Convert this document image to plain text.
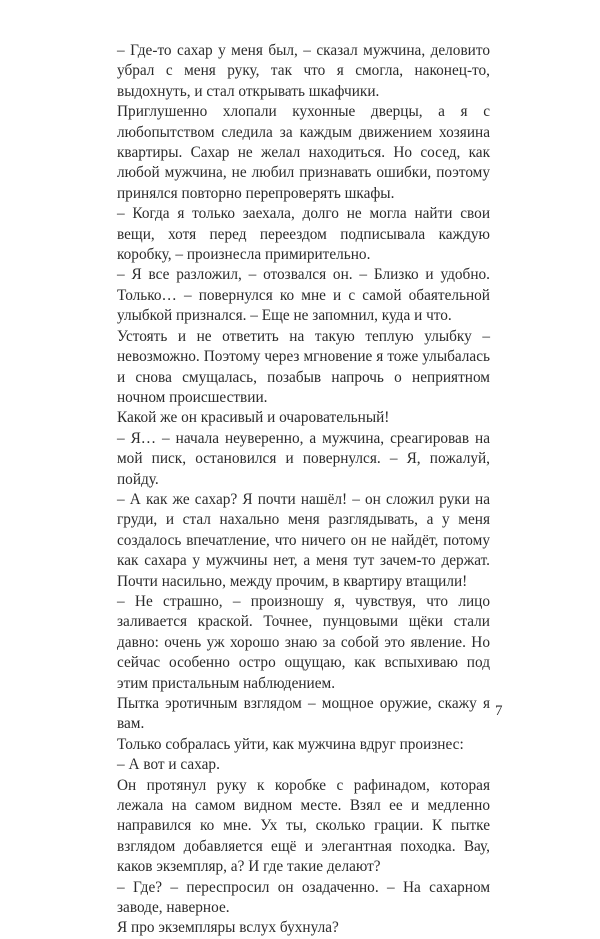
– Где-то сахар у меня был, – сказал мужчина, деловито убрал с меня руку, так что я смогла, наконец-то, выдохнуть, и стал открывать шкафчики.

Приглушенно хлопали кухонные дверцы, а я с любопытством следила за каждым движением хозяина квартиры. Сахар не желал находиться. Но сосед, как любой мужчина, не любил признавать ошибки, поэтому принялся повторно перепроверять шкафы.

– Когда я только заехала, долго не могла найти свои вещи, хотя перед переездом подписывала каждую коробку, – произнесла примирительно.

– Я все разложил, – отозвался он. – Близко и удобно. Только… – повернулся ко мне и с самой обаятельной улыбкой признался. – Еще не запомнил, куда и что.

Устоять и не ответить на такую теплую улыбку – невозможно. Поэтому через мгновение я тоже улыбалась и снова смущалась, позабыв напрочь о неприятном ночном происшествии.

Какой же он красивый и очаровательный!

– Я… – начала неуверенно, а мужчина, среагировав на мой писк, остановился и повернулся. – Я, пожалуй, пойду.

– А как же сахар? Я почти нашёл! – он сложил руки на груди, и стал нахально меня разглядывать, а у меня создалось впечатление, что ничего он не найдёт, потому как сахара у мужчины нет, а меня тут зачем-то держат. Почти насильно, между прочим, в квартиру втащили!

– Не страшно, – произношу я, чувствуя, что лицо заливается краской. Точнее, пунцовыми щёки стали давно: очень уж хорошо знаю за собой это явление. Но сейчас особенно остро ощущаю, как вспыхиваю под этим пристальным наблюдением.

Пытка эротичным взглядом – мощное оружие, скажу я вам.

Только собралась уйти, как мужчина вдруг произнес:

– А вот и сахар.

Он протянул руку к коробке с рафинадом, которая лежала на самом видном месте. Взял ее и медленно направился ко мне. Ух ты, сколько грации. К пытке взглядом добавляется ещё и элегантная походка. Вау, каков экземпляр, а? И где такие делают?

– Где? – переспросил он озадаченно. – На сахарном заводе, наверное.

Я про экземпляры вслух бухнула?

7
